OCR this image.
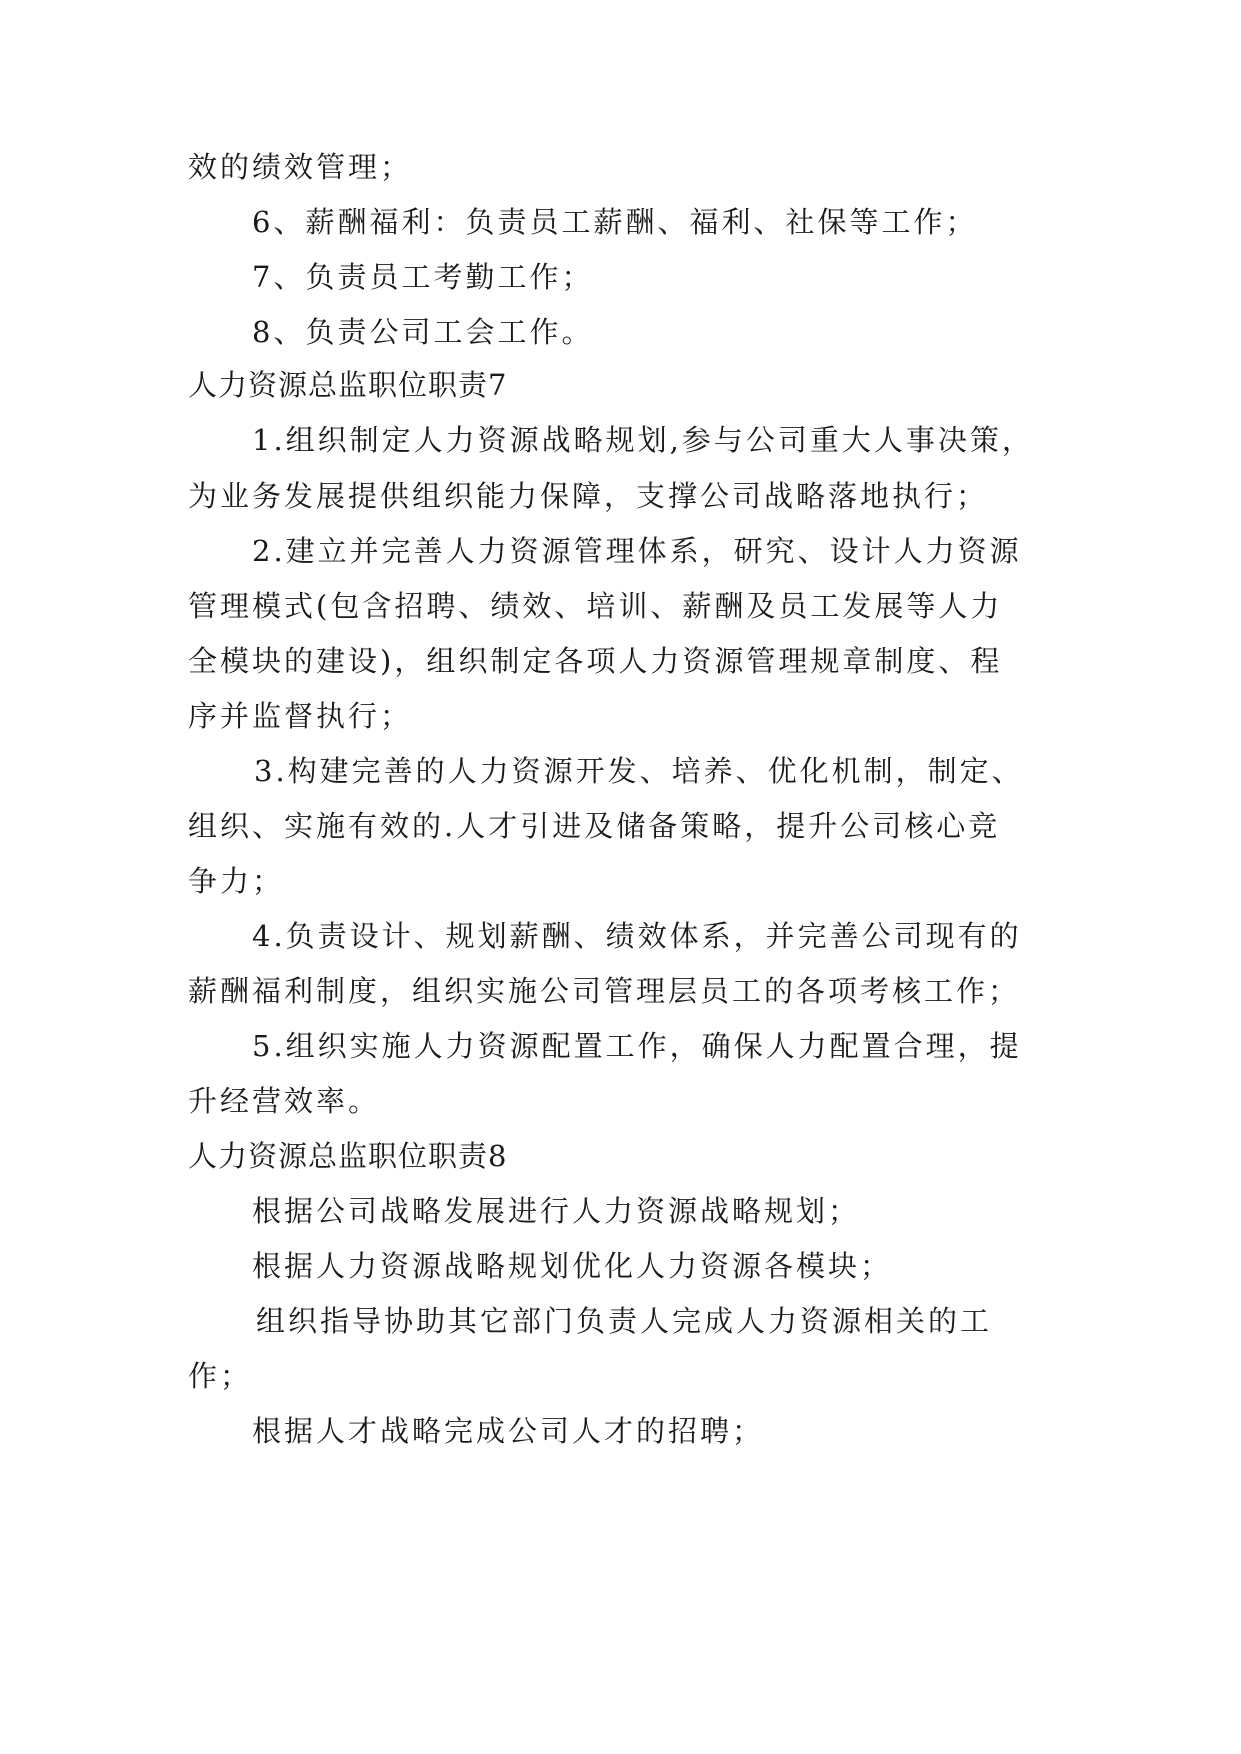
效的绩效管理；
6、薪酬福利：负责员工薪酬、福利、社保等工作；
7、负责员工考勤工作；
8、负责公司工会工作。
人力资源总监职位职责7
1.组织制定人力资源战略规划,参与公司重大人事决策，
为业务发展提供组织能力保障，支撑公司战略落地执行；
2.建立并完善人力资源管理体系，研究、设计人力资源
管理模式(包含招聘、绩效、培训、薪酬及员工发展等人力
全模块的建设)，组织制定各项人力资源管理规章制度、程
序并监督执行；
3.构建完善的人力资源开发、培养、优化机制，制定、
组织、实施有效的.人才引进及储备策略，提升公司核心竞
争力；
4.负责设计、规划薪酬、绩效体系，并完善公司现有的
薪酬福利制度，组织实施公司管理层员工的各项考核工作；
5.组织实施人力资源配置工作，确保人力配置合理，提
升经营效率。
人力资源总监职位职责8
根据公司战略发展进行人力资源战略规划；
根据人力资源战略规划优化人力资源各模块；
组织指导协助其它部门负责人完成人力资源相关的工
作；
根据人才战略完成公司人才的招聘；
